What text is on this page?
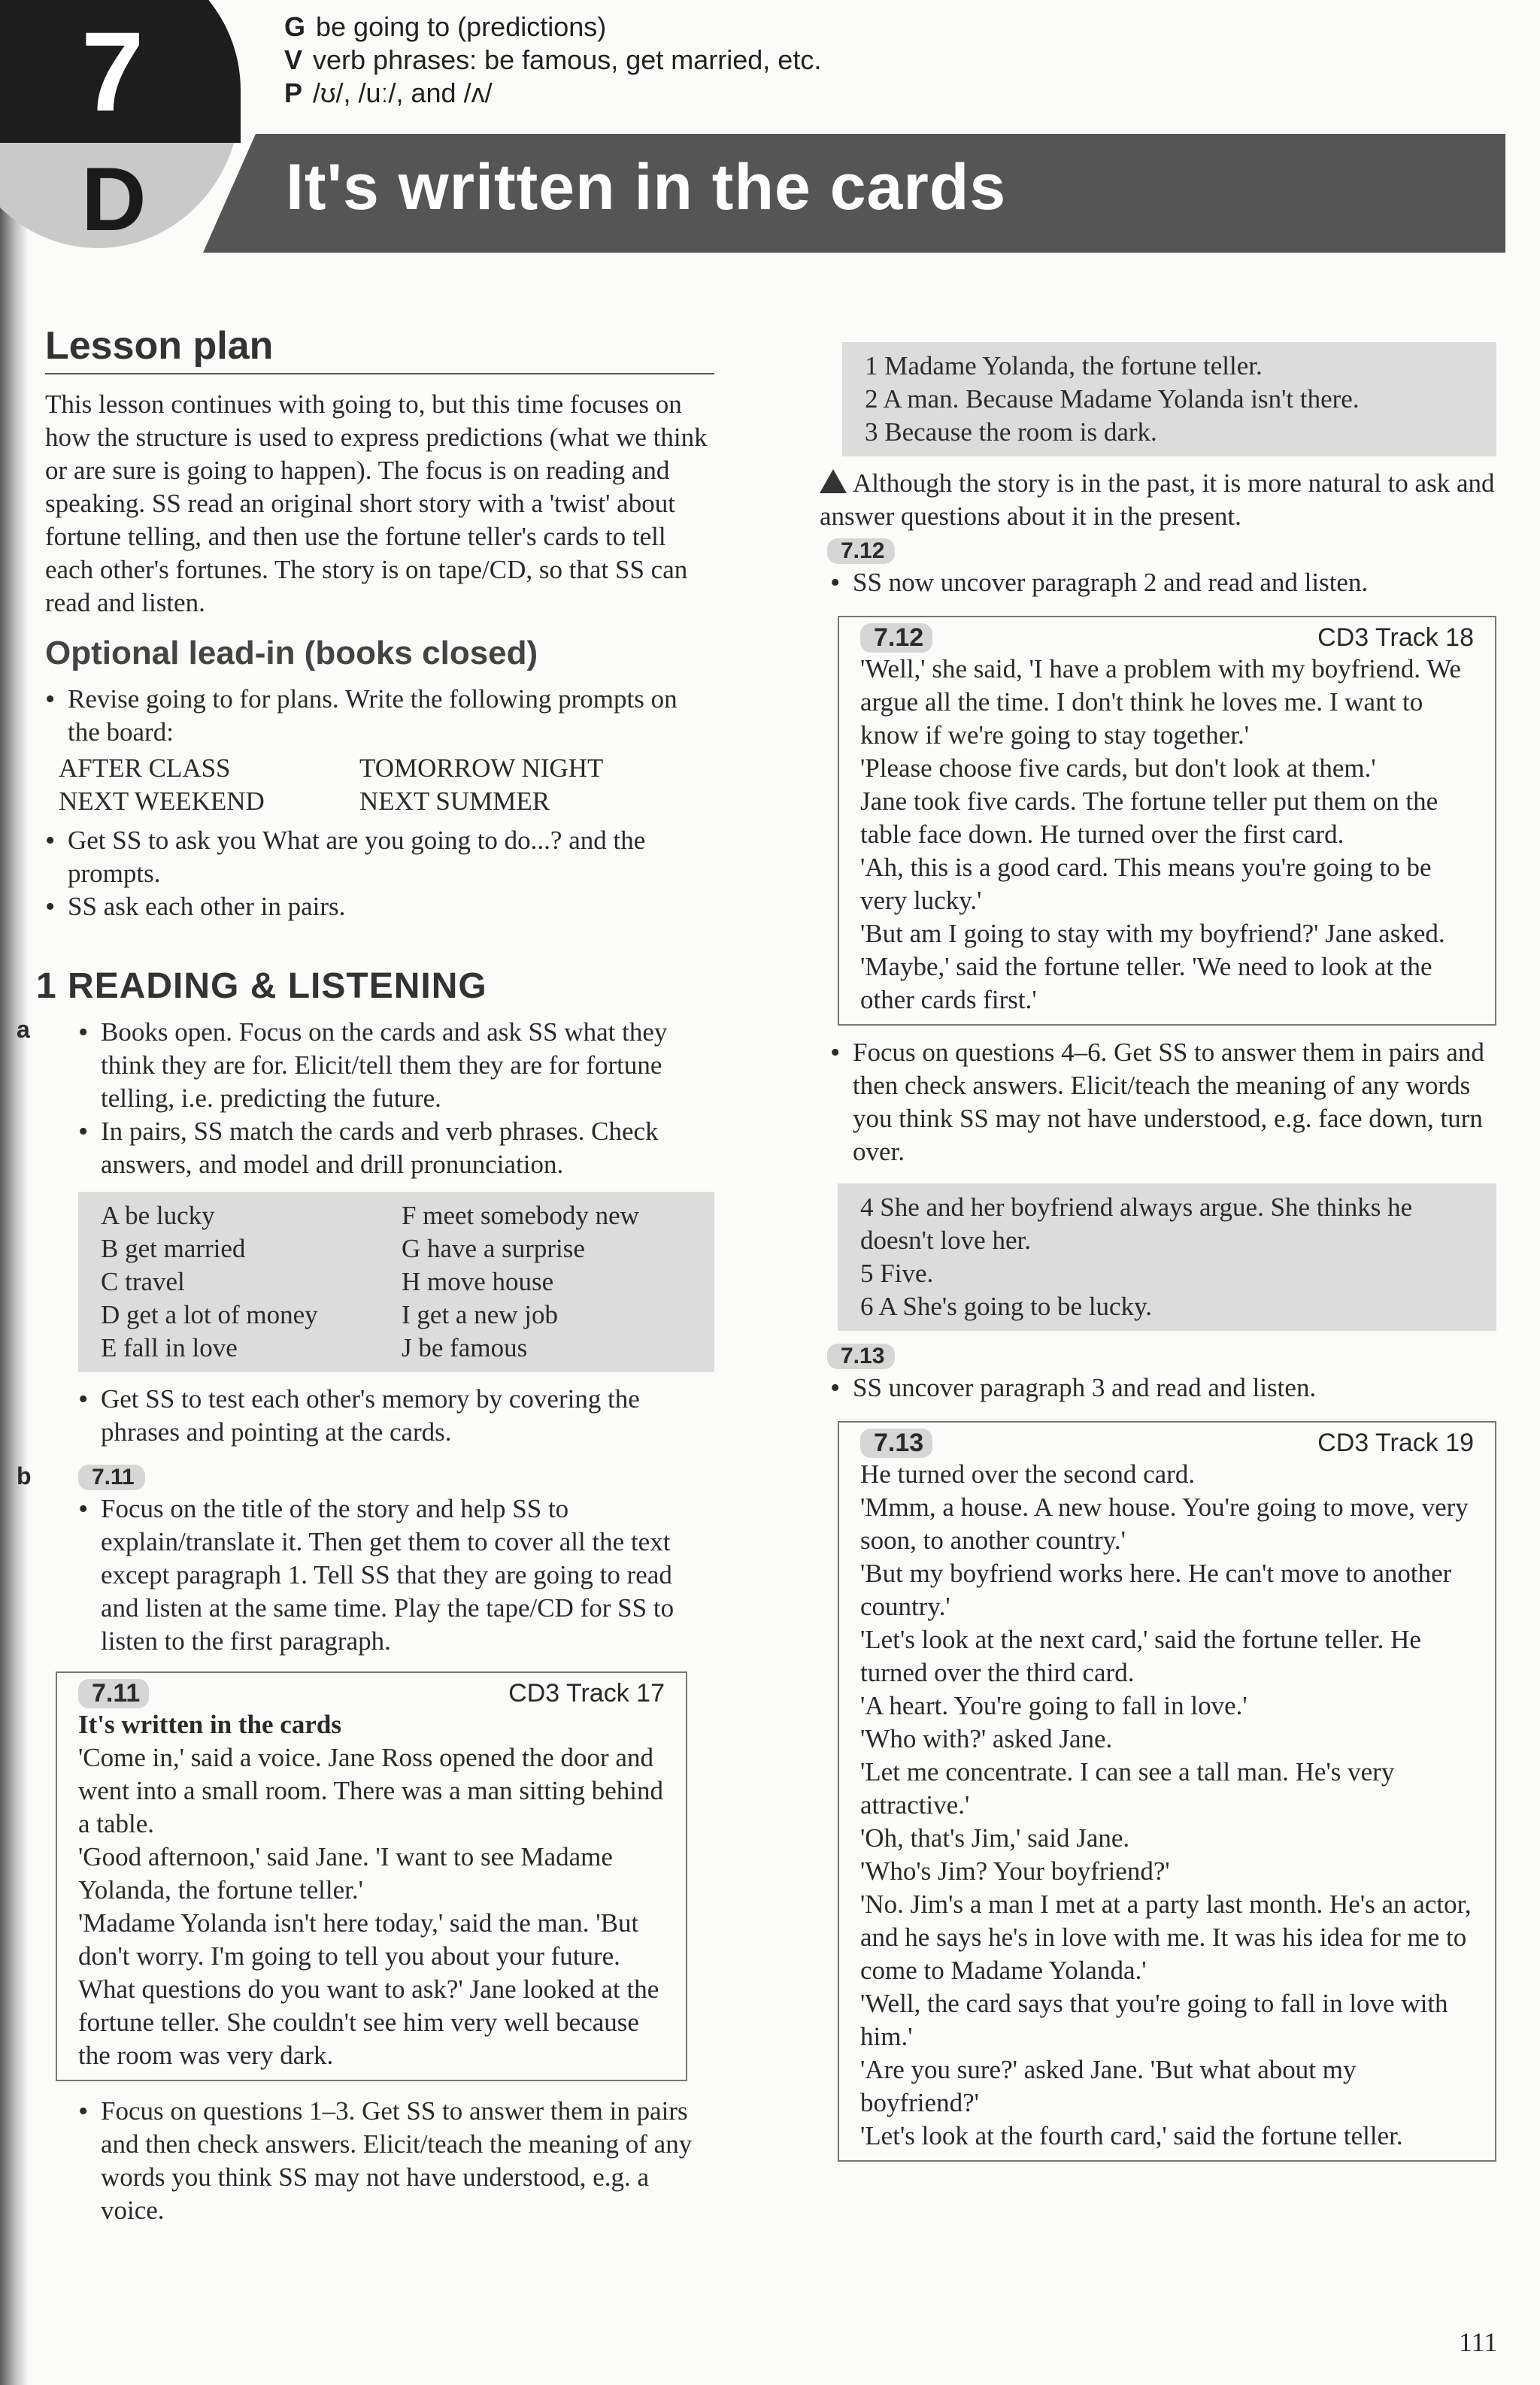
7
D
G be going to (predictions)
V verb phrases: be famous, get married, etc.
P /ʊ/, /uː/, and /ʌ/
It's written in the cards
Lesson plan

This lesson continues with going to, but this time focuses on how the structure is used to express predictions (what we think or are sure is going to happen). The focus is on reading and speaking. SS read an original short story with a 'twist' about fortune telling, and then use the fortune teller's cards to tell each other's fortunes. The story is on tape/CD, so that SS can read and listen.

Optional lead-in (books closed)

• Revise going to for plans. Write the following prompts on the board:

AFTER CLASS	TOMORROW NIGHT
NEXT WEEKEND	NEXT SUMMER

• Get SS to ask you What are you going to do...? and the prompts.

• SS ask each other in pairs.

1 READING & LISTENING
a

•	Books open. Focus on the cards and ask SS what they think they are for. Elicit/tell them they are for fortune telling, i.e. predicting the future.

• In pairs, SS match the cards and verb phrases. Check answers, and model and drill pronunciation.

A be lucky	F meet somebody new
B get married	G have a surprise
C travel	H move house
D get a lot of money	I get a new job
E fall in love	J be famous

• Get SS to test each other's memory by covering the phrases and pointing at the cards.

b	7.11

• Focus on the title of the story and help SS to explain/translate it. Then get them to cover all the text except paragraph 1. Tell SS that they are going to read and listen at the same time. Play the tape/CD for SS to listen to the first paragraph.

7.11	CD3 Track 17

It's written in the cards

'Come in,' said a voice. Jane Ross opened the door and went into a small room. There was a man sitting behind a table.

'Good afternoon,' said Jane. 'I want to see Madame Yolanda, the fortune teller.'

'Madame Yolanda isn't here today,' said the man. 'But don't worry. I'm going to tell you about your future. What questions do you want to ask?' Jane looked at the fortune teller. She couldn't see him very well because the room was very dark.

• Focus on questions 1–3. Get SS to answer them in pairs and then check answers. Elicit/teach the meaning of any words you think SS may not have understood, e.g. a voice.

1 Madame Yolanda, the fortune teller.

2 A man. Because Madame Yolanda isn't there.

3 Because the room is dark.

Although the story is in the past, it is more natural to ask and answer questions about it in the present.

7.12

• SS now uncover paragraph 2 and read and listen.

7.12	CD3 Track 18

'Well,' she said, 'I have a problem with my boyfriend. We argue all the time. I don't think he loves me. I want to know if we're going to stay together.'

'Please choose five cards, but don't look at them.'

Jane took five cards. The fortune teller put them on the table face down. He turned over the first card.

'Ah, this is a good card. This means you're going to be very lucky.'

'But am I going to stay with my boyfriend?' Jane asked.

'Maybe,' said the fortune teller. 'We need to look at the other cards first.'

• Focus on questions 4–6. Get SS to answer them in pairs and then check answers. Elicit/teach the meaning of any words you think SS may not have understood, e.g. face down, turn over.

4 She and her boyfriend always argue. She thinks he doesn't love her.

5 Five.

6 A She's going to be lucky.

7.13

• SS uncover paragraph 3 and read and listen.

7.13	CD3 Track 19

He turned over the second card.

'Mmm, a house. A new house. You're going to move, very soon, to another country.'

'But my boyfriend works here. He can't move to another country.'

'Let's look at the next card,' said the fortune teller. He turned over the third card.

'A heart. You're going to fall in love.'

'Who with?' asked Jane.

'Let me concentrate. I can see a tall man. He's very attractive.'

'Oh, that's Jim,' said Jane.

'Who's Jim? Your boyfriend?'

'No. Jim's a man I met at a party last month. He's an actor, and he says he's in love with me. It was his idea for me to come to Madame Yolanda.'

'Well, the card says that you're going to fall in love with him.'

'Are you sure?' asked Jane. 'But what about my boyfriend?'

'Let's look at the fourth card,' said the fortune teller.

111
